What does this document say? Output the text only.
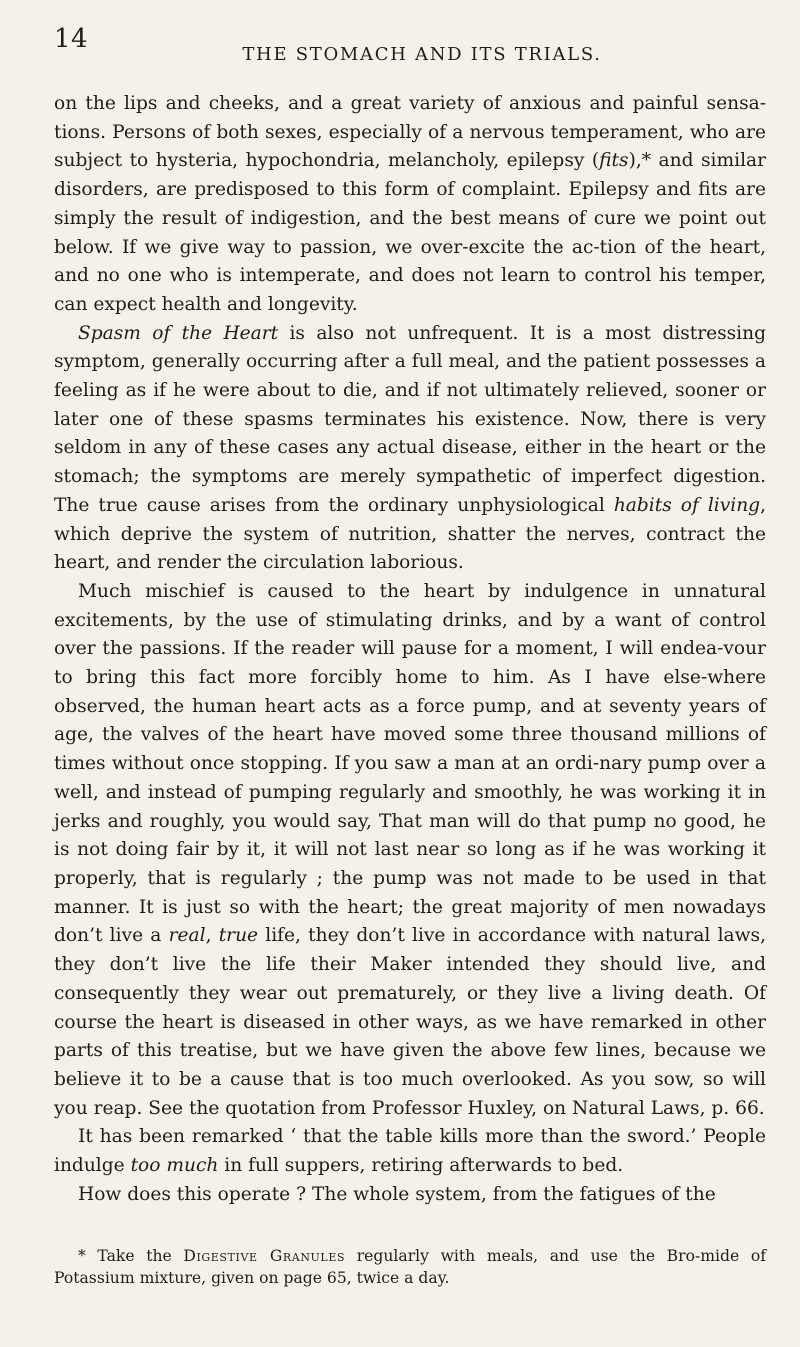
14
THE STOMACH AND ITS TRIALS.

on the lips and cheeks, and a great variety of anxious and painful sensa-tions. Persons of both sexes, especially of a nervous temperament, who are subject to hysteria, hypochondria, melancholy, epilepsy (fits),* and similar disorders, are predisposed to this form of complaint. Epilepsy and fits are simply the result of indigestion, and the best means of cure we point out below. If we give way to passion, we over-excite the ac-tion of the heart, and no one who is intemperate, and does not learn to control his temper, can expect health and longevity.

Spasm of the Heart is also not unfrequent. It is a most distressing symptom, generally occurring after a full meal, and the patient possesses a feeling as if he were about to die, and if not ultimately relieved, sooner or later one of these spasms terminates his existence. Now, there is very seldom in any of these cases any actual disease, either in the heart or the stomach; the symptoms are merely sympathetic of imperfect digestion. The true cause arises from the ordinary unphysiological habits of living, which deprive the system of nutrition, shatter the nerves, contract the heart, and render the circulation laborious.

Much mischief is caused to the heart by indulgence in unnatural excitements, by the use of stimulating drinks, and by a want of control over the passions. If the reader will pause for a moment, I will endea-vour to bring this fact more forcibly home to him. As I have else-where observed, the human heart acts as a force pump, and at seventy years of age, the valves of the heart have moved some three thousand millions of times without once stopping. If you saw a man at an ordi-nary pump over a well, and instead of pumping regularly and smoothly, he was working it in jerks and roughly, you would say, That man will do that pump no good, he is not doing fair by it, it will not last near so long as if he was working it properly, that is regularly ; the pump was not made to be used in that manner. It is just so with the heart; the great majority of men nowadays don’t live a real, true life, they don’t live in accordance with natural laws, they don’t live the life their Maker intended they should live, and consequently they wear out prematurely, or they live a living death. Of course the heart is diseased in other ways, as we have remarked in other parts of this treatise, but we have given the above few lines, because we believe it to be a cause that is too much overlooked. As you sow, so will you reap. See the quotation from Professor Huxley, on Natural Laws, p. 66.

It has been remarked ‘ that the table kills more than the sword.’ People indulge too much in full suppers, retiring afterwards to bed.

How does this operate ? The whole system, from the fatigues of the

* Take the Digestive Granules regularly with meals, and use the Bro-mide of Potassium mixture, given on page 65, twice a day.
